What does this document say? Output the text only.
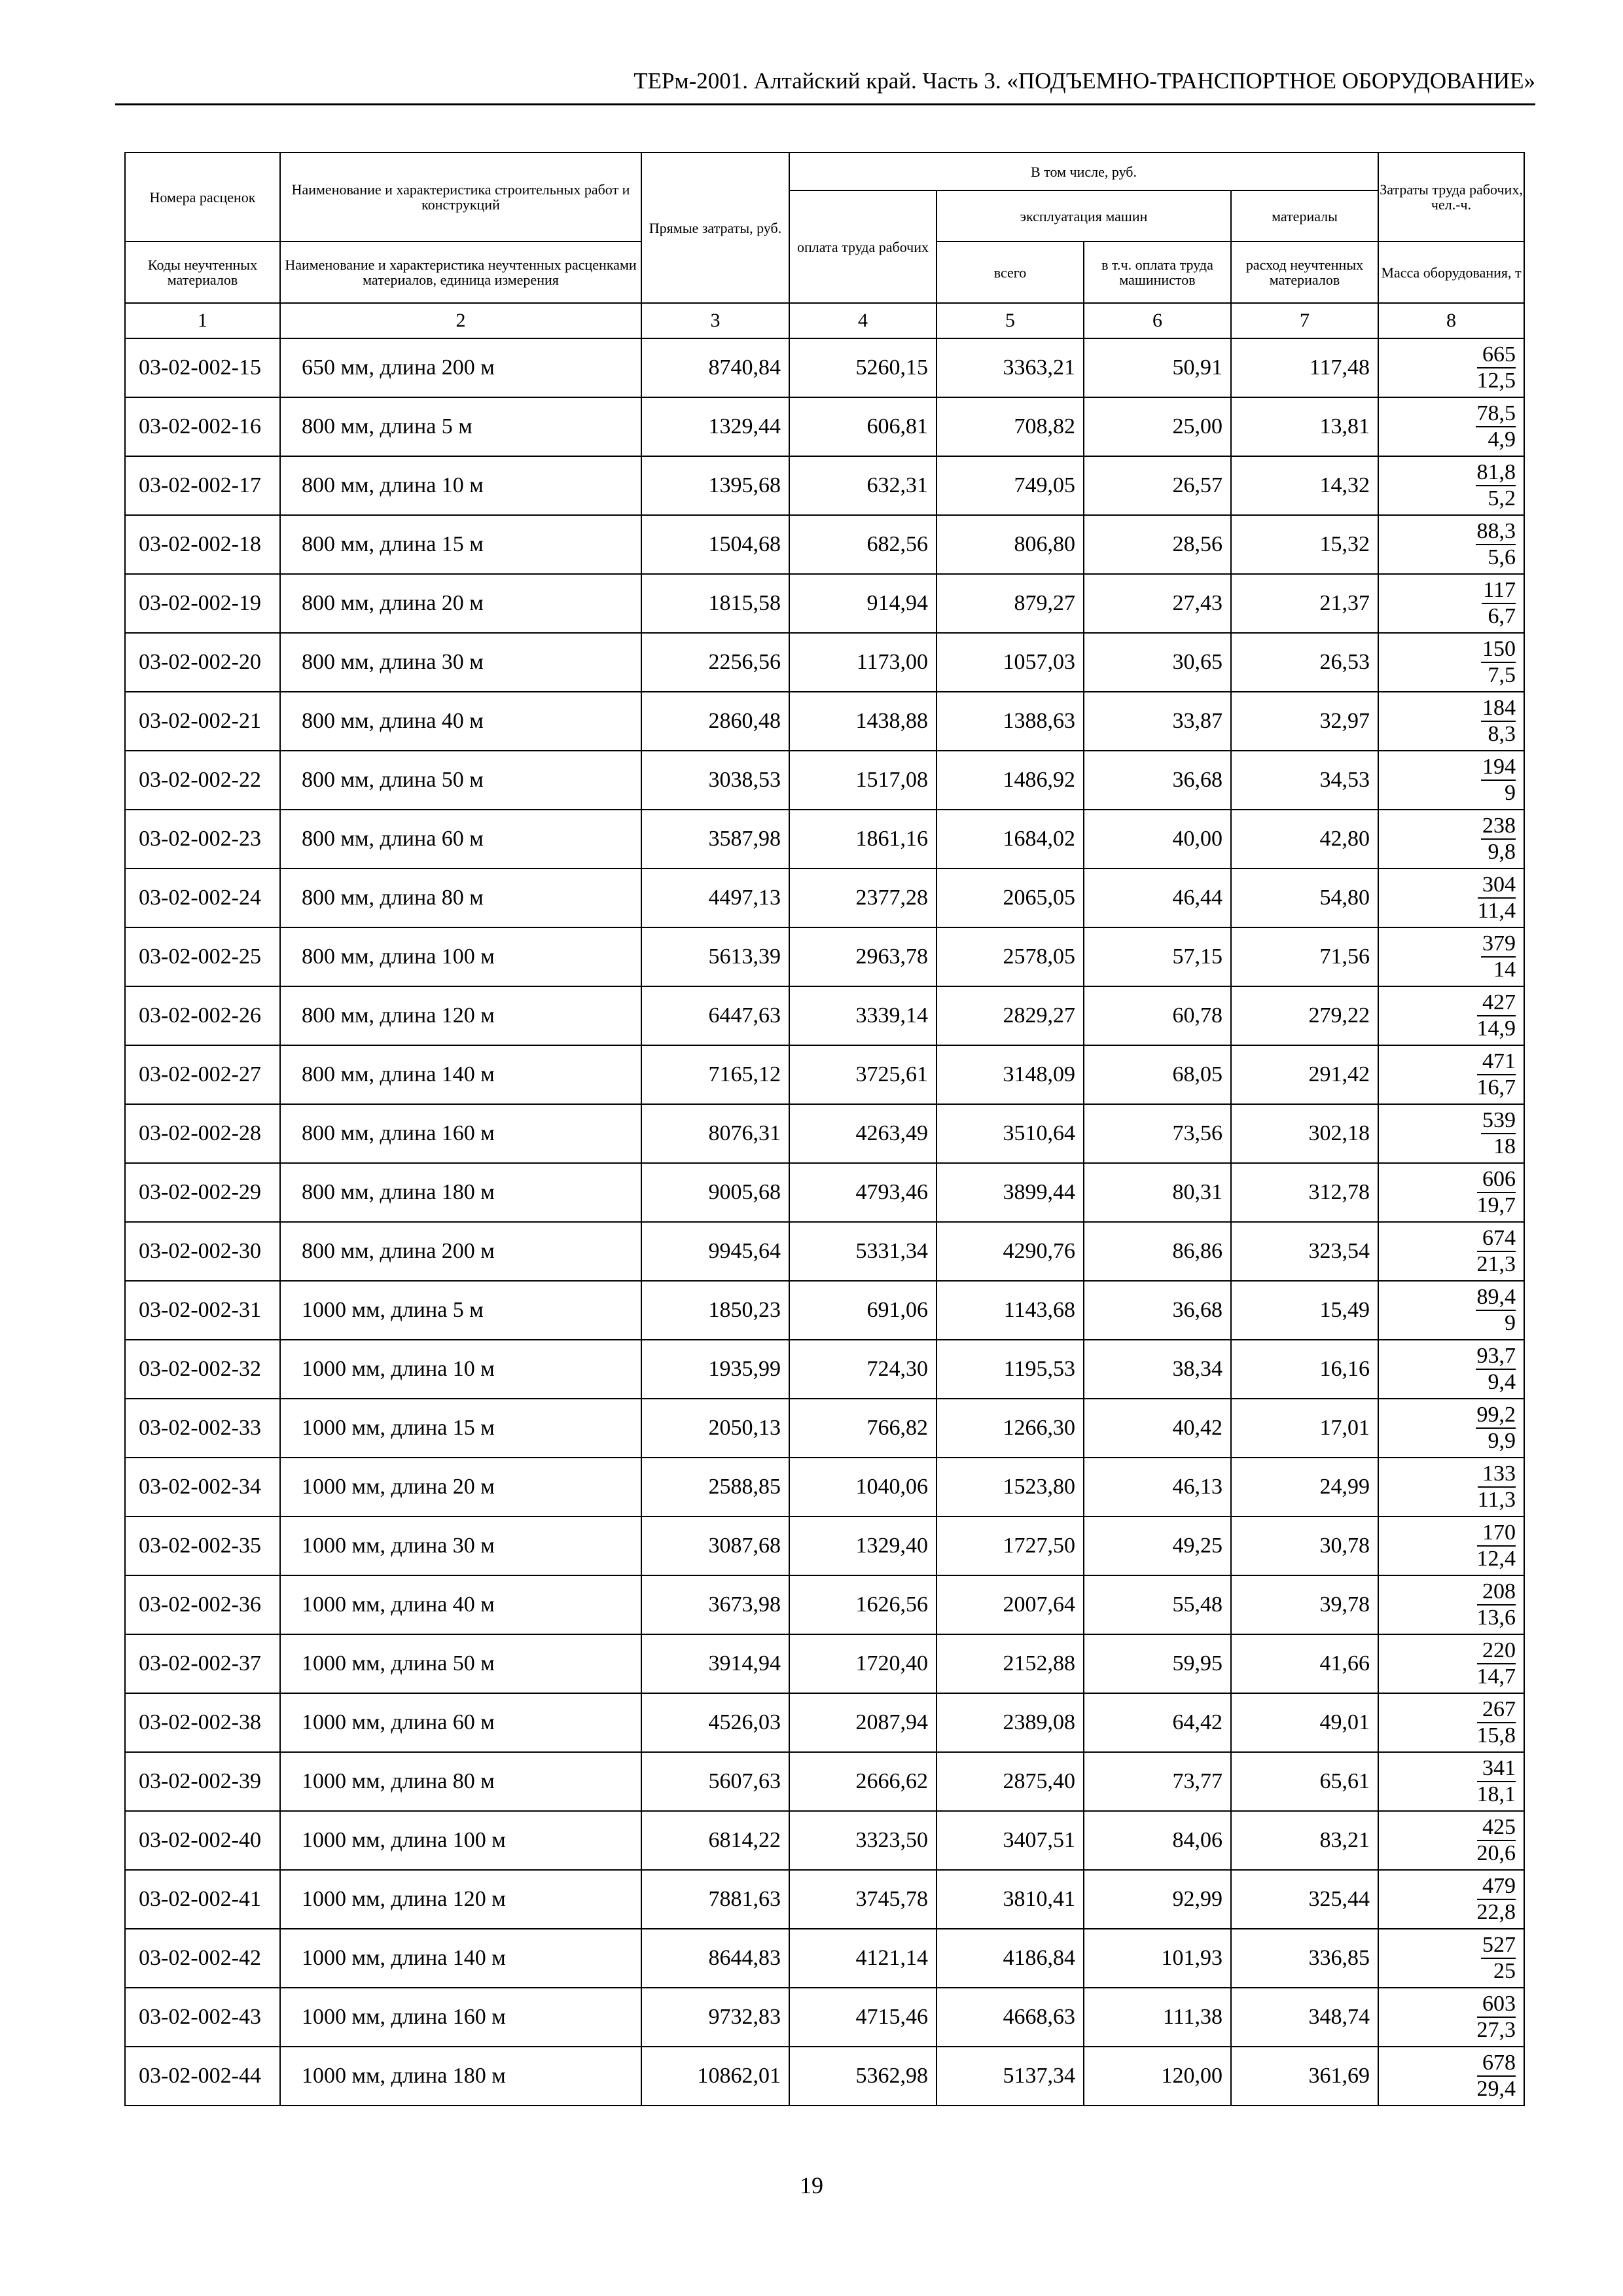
ТЕРм-2001. Алтайский край. Часть 3. «ПОДЪЕМНО-ТРАНСПОРТНОЕ ОБОРУДОВАНИЕ»
Номера расценок	Наименование и характеристика строительных работ и конструкций	Прямые затраты, руб.	В том числе, руб.				Затраты труда рабочих, чел.-ч.
			оплата труда рабочих	эксплуатация машин		материалы	
Коды неучтенных материалов	Наименование и характеристика неучтенных расценками материалов, единица измерения			всего	в т.ч. оплата труда машинистов	расход неучтенных материалов	Масса оборудования, т
1	2	3	4	5	6	7	8
03-02-002-15	650 мм, длина 200 м	8740,84	5260,15	3363,21	50,91	117,48	$\frac{665}{12,5}$

03-02-002-16	800 мм, длина 5 м	1329,44	606,81	708,82	25,00	13,81	$\frac{78,5}{4,9}$

03-02-002-17	800 мм, длина 10 м	1395,68	632,31	749,05	26,57	14,32	$\frac{81,8}{5,2}$

03-02-002-18	800 мм, длина 15 м	1504,68	682,56	806,80	28,56	15,32	$\frac{88,3}{5,6}$

03-02-002-19	800 мм, длина 20 м	1815,58	914,94	879,27	27,43	21,37	$\frac{117}{6,7}$

03-02-002-20	800 мм, длина 30 м	2256,56	1173,00	1057,03	30,65	26,53	$\frac{150}{7,5}$

03-02-002-21	800 мм, длина 40 м	2860,48	1438,88	1388,63	33,87	32,97	$\frac{184}{8,3}$

03-02-002-22	800 мм, длина 50 м	3038,53	1517,08	1486,92	36,68	34,53	$\frac{194}{9}$

03-02-002-23	800 мм, длина 60 м	3587,98	1861,16	1684,02	40,00	42,80	$\frac{238}{9,8}$

03-02-002-24	800 мм, длина 80 м	4497,13	2377,28	2065,05	46,44	54,80	$\frac{304}{11,4}$

03-02-002-25	800 мм, длина 100 м	5613,39	2963,78	2578,05	57,15	71,56	$\frac{379}{14}$

03-02-002-26	800 мм, длина 120 м	6447,63	3339,14	2829,27	60,78	279,22	$\frac{427}{14,9}$

03-02-002-27	800 мм, длина 140 м	7165,12	3725,61	3148,09	68,05	291,42	$\frac{471}{16,7}$

03-02-002-28	800 мм, длина 160 м	8076,31	4263,49	3510,64	73,56	302,18	$\frac{539}{18}$

03-02-002-29	800 мм, длина 180 м	9005,68	4793,46	3899,44	80,31	312,78	$\frac{606}{19,7}$

03-02-002-30	800 мм, длина 200 м	9945,64	5331,34	4290,76	86,86	323,54	$\frac{674}{21,3}$

03-02-002-31	1000 мм, длина 5 м	1850,23	691,06	1143,68	36,68	15,49	$\frac{89,4}{9}$

03-02-002-32	1000 мм, длина 10 м	1935,99	724,30	1195,53	38,34	16,16	$\frac{93,7}{9,4}$

03-02-002-33	1000 мм, длина 15 м	2050,13	766,82	1266,30	40,42	17,01	$\frac{99,2}{9,9}$

03-02-002-34	1000 мм, длина 20 м	2588,85	1040,06	1523,80	46,13	24,99	$\frac{133}{11,3}$

03-02-002-35	1000 мм, длина 30 м	3087,68	1329,40	1727,50	49,25	30,78	$\frac{170}{12,4}$

03-02-002-36	1000 мм, длина 40 м	3673,98	1626,56	2007,64	55,48	39,78	$\frac{208}{13,6}$

03-02-002-37	1000 мм, длина 50 м	3914,94	1720,40	2152,88	59,95	41,66	$\frac{220}{14,7}$

03-02-002-38	1000 мм, длина 60 м	4526,03	2087,94	2389,08	64,42	49,01	$\frac{267}{15,8}$

03-02-002-39	1000 мм, длина 80 м	5607,63	2666,62	2875,40	73,77	65,61	$\frac{341}{18,1}$

03-02-002-40	1000 мм, длина 100 м	6814,22	3323,50	3407,51	84,06	83,21	$\frac{425}{20,6}$

03-02-002-41	1000 мм, длина 120 м	7881,63	3745,78	3810,41	92,99	325,44	$\frac{479}{22,8}$

03-02-002-42	1000 мм, длина 140 м	8644,83	4121,14	4186,84	101,93	336,85	$\frac{527}{25}$

03-02-002-43	1000 мм, длина 160 м	9732,83	4715,46	4668,63	111,38	348,74	$\frac{603}{27,3}$

03-02-002-44	1000 мм, длина 180 м	10862,01	5362,98	5137,34	120,00	361,69	$\frac{678}{29,4}$
19
